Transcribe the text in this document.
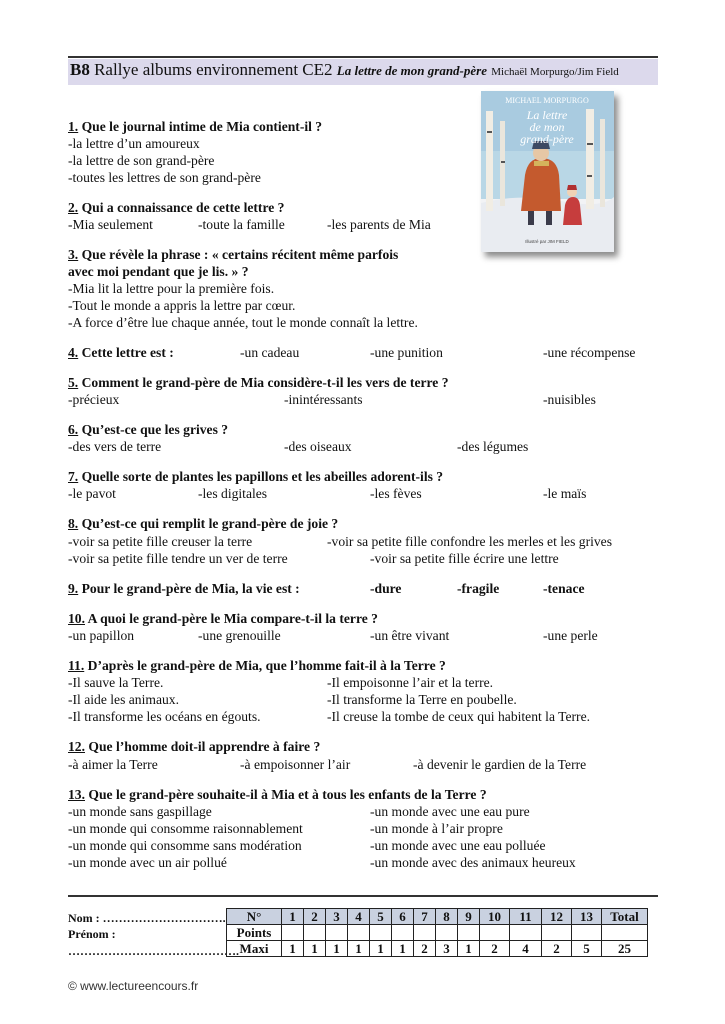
B8 Rallye albums environnement CE2 La lettre de mon grand-père Michaël Morpurgo/Jim Field
MICHAEL MORPURGO
La lettre
de mon
grand-père
Illustré par JIM FIELD
1. Que le journal intime de Mia contient-il ?
-la lettre d’un amoureux
-la lettre de son grand-père
-toutes les lettres de son grand-père
2. Qui a connaissance de cette lettre ?
-Mia seulement	-toute la famille	-les parents de Mia
3. Que révèle la phrase : « certains récitent même parfois
avec moi pendant que je lis. » ?
-Mia lit la lettre pour la première fois.
-Tout le monde a appris la lettre par cœur.
-A force d’être lue chaque année, tout le monde connaît la lettre.
4. Cette lettre est :	-un cadeau	-une punition	-une récompense
5. Comment le grand-père de Mia considère-t-il les vers de terre ?
-précieux	-inintéressants	-nuisibles
6. Qu’est-ce que les grives ?
-des vers de terre	-des oiseaux	-des légumes
7. Quelle sorte de plantes les papillons et les abeilles adorent-ils ?
-le pavot	-les digitales	-les fèves	-le maïs
8. Qu’est-ce qui remplit le grand-père de joie ?
-voir sa petite fille creuser la terre	-voir sa petite fille confondre les merles et les grives
-voir sa petite fille tendre un ver de terre	-voir sa petite fille écrire une lettre
9. Pour le grand-père de Mia, la vie est :	-dure	-fragile	-tenace
10. A quoi le grand-père le Mia compare-t-il la terre ?
-un papillon	-une grenouille	-un être vivant	-une perle
11. D’après le grand-père de Mia, que l’homme fait-il à la Terre ?
-Il sauve la Terre.	-Il empoisonne l’air et la terre.
-Il aide les animaux.	-Il transforme la Terre en poubelle.
-Il transforme les océans en égouts.	-Il creuse la tombe de ceux qui habitent la Terre.
12. Que l’homme doit-il apprendre à faire ?
-à aimer la Terre	-à empoisonner l’air	-à devenir le gardien de la Terre
13. Que le grand-père souhaite-il à Mia et à tous les enfants de la Terre ?
-un monde sans gaspillage	-un monde avec une eau pure
-un monde qui consomme raisonnablement	-un monde à l’air propre
-un monde qui consomme sans modération	-un monde avec une eau polluée
-un monde avec un air pollué	-un monde avec des animaux heureux
Nom : ………………………….
Prénom :
…………………………………….
N°	1	2	3	4	5	6	7	8	9	10	11	12	13	Total
Points														
Maxi	1	1	1	1	1	1	2	3	1	2	4	2	5	25
© www.lectureencours.fr
